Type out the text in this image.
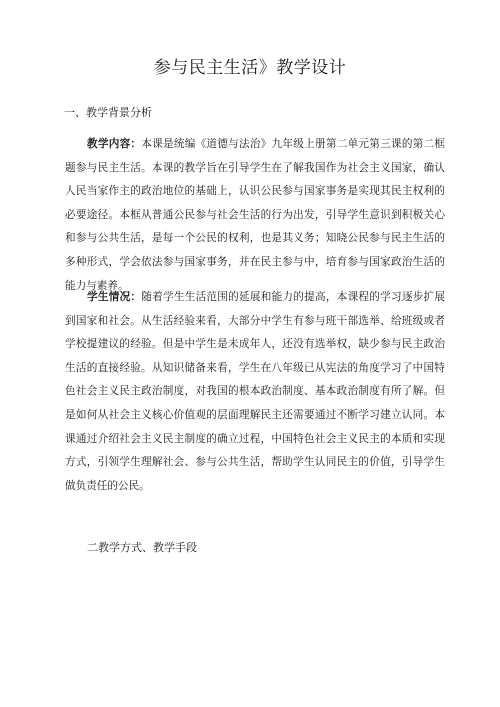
参与民主生活》教学设计
一、教学背景分析

教学内容：本课是统编《道德与法治》九年级上册第二单元第三课的第二框题参与民主生活。本课的教学旨在引导学生在了解我国作为社会主义国家，确认人民当家作主的政治地位的基础上，认识公民参与国家事务是实现其民主权利的必要途径。本框从普通公民参与社会生活的行为出发，引导学生意识到积极关心和参与公共生活，是每一个公民的权利，也是其义务；知晓公民参与民主生活的多种形式，学会依法参与国家事务，并在民主参与中，培育参与国家政治生活的能力与素养。

学生情况：随着学生生活范围的延展和能力的提高，本课程的学习逐步扩展到国家和社会。从生活经验来看，大部分中学生有参与班干部选举、给班级或者学校提建议的经验。但是中学生是未成年人，还没有选举权，缺少参与民主政治生活的直接经验。从知识储备来看，学生在八年级已从宪法的角度学习了中国特色社会主义民主政治制度，对我国的根本政治制度、基本政治制度有所了解。但是如何从社会主义核心价值观的层面理解民主还需要通过不断学习建立认同。本课通过介绍社会主义民主制度的确立过程，中国特色社会主义民主的本质和实现方式，引领学生理解社会、参与公共生活，帮助学生认同民主的价值，引导学生做负责任的公民。

二教学方式、教学手段
